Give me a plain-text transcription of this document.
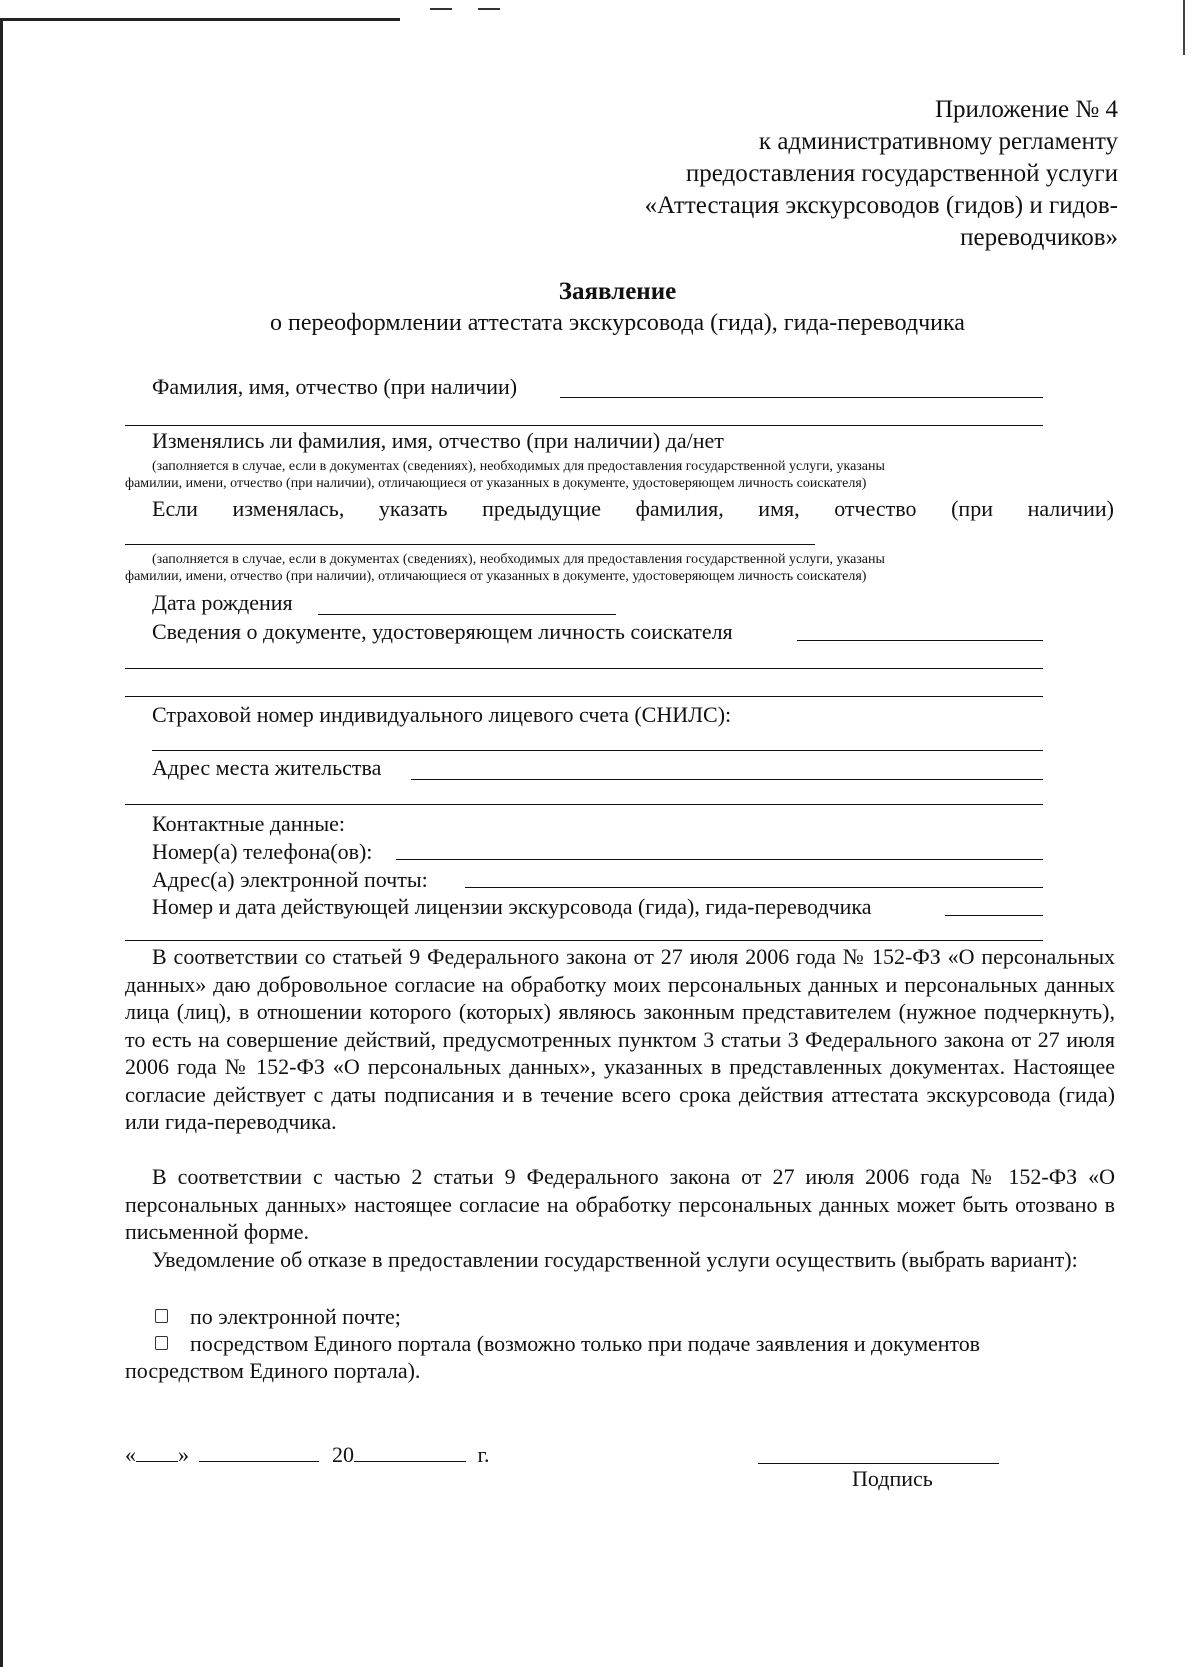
Приложение № 4
к административному регламенту
предоставления государственной услуги
«Аттестация экскурсоводов (гидов) и гидов-
переводчиков»
Заявление
о переоформлении аттестата экскурсовода (гида), гида-переводчика
Фамилия, имя, отчество (при наличии)
Изменялись ли фамилия, имя, отчество (при наличии) да/нет
(заполняется в случае, если в документах (сведениях), необходимых для предоставления государственной услуги, указаны
фамилии, имени, отчество (при наличии), отличающиеся от указанных в документе, удостоверяющем личность соискателя)
Если изменялась, указать предыдущие фамилия, имя, отчество (при наличии)
(заполняется в случае, если в документах (сведениях), необходимых для предоставления государственной услуги, указаны
фамилии, имени, отчество (при наличии), отличающиеся от указанных в документе, удостоверяющем личность соискателя)
Дата рождения
Сведения о документе, удостоверяющем личность соискателя
Страховой номер индивидуального лицевого счета (СНИЛС):
Адрес места жительства
Контактные данные:
Номер(а) телефона(ов):
Адрес(а) электронной почты:
Номер и дата действующей лицензии экскурсовода (гида), гида-переводчика

В соответствии со статьей 9 Федерального закона от 27 июля 2006 года № 152-ФЗ «О персональных данных» даю добровольное согласие на обработку моих персональных данных и персональных данных лица (лиц), в отношении которого (которых) являюсь законным представителем (нужное подчеркнуть), то есть на совершение действий, предусмотренных пунктом 3 статьи 3 Федерального закона от 27 июля 2006 года № 152-ФЗ «О персональных данных», указанных в представленных документах. Настоящее согласие действует с даты подписания и в течение всего срока действия аттестата экскурсовода (гида) или гида-переводчика.

В соответствии с частью 2 статьи 9 Федерального закона от 27 июля 2006 года № 152-ФЗ «О персональных данных» настоящее согласие на обработку персональных данных может быть отозвано в письменной форме.

Уведомление об отказе в предоставлении государственной услуги осуществить (выбрать вариант):

по электронной почте;
посредством Единого портала (возможно только при подаче заявления и документов
посредством Единого портала).
« »	20	г.
Подпись
